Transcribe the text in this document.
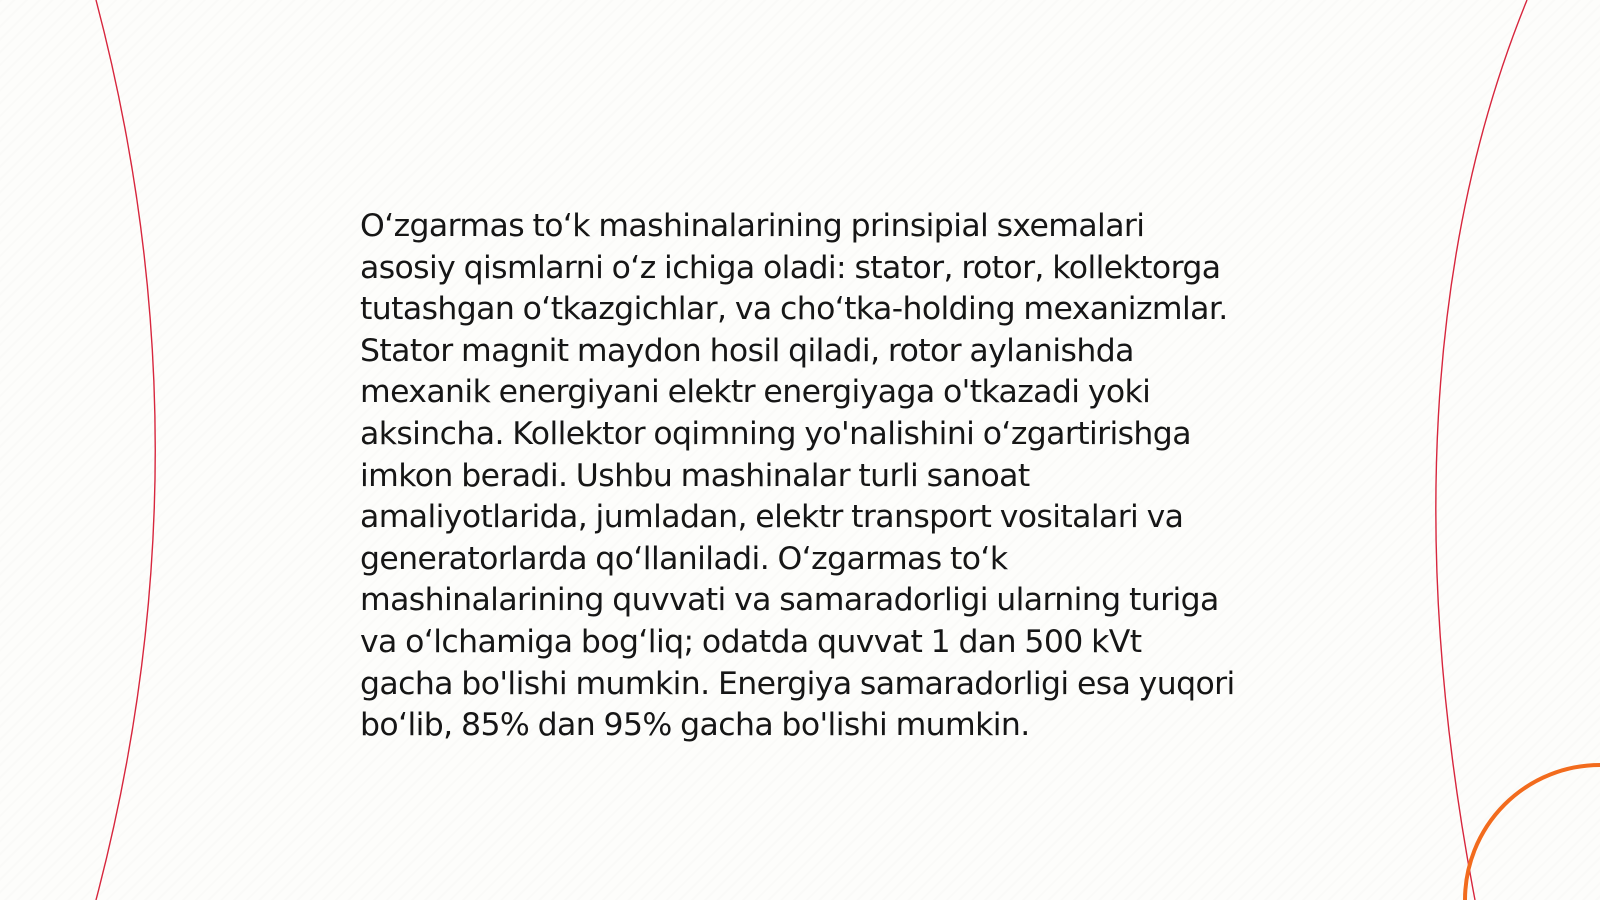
O‘zgarmas to‘k mashinalarining prinsipial sxemalari asosiy qismlarni o‘z ichiga oladi: stator, rotor, kollektorga tutashgan o‘tkazgichlar, va cho‘tka-holding mexanizmlar. Stator magnit maydon hosil qiladi, rotor aylanishda mexanik energiyani elektr energiyaga o'tkazadi yoki aksincha. Kollektor oqimning yo'nalishini o‘zgartirishga imkon beradi. Ushbu mashinalar turli sanoat amaliyotlarida, jumladan, elektr transport vositalari va generatorlarda qo‘llaniladi. O‘zgarmas to‘k mashinalarining quvvati va samaradorligi ularning turiga va o‘lchamiga bog‘liq; odatda quvvat 1 dan 500 kVt gacha bo'lishi mumkin. Energiya samaradorligi esa yuqori bo‘lib, 85% dan 95% gacha bo'lishi mumkin.
